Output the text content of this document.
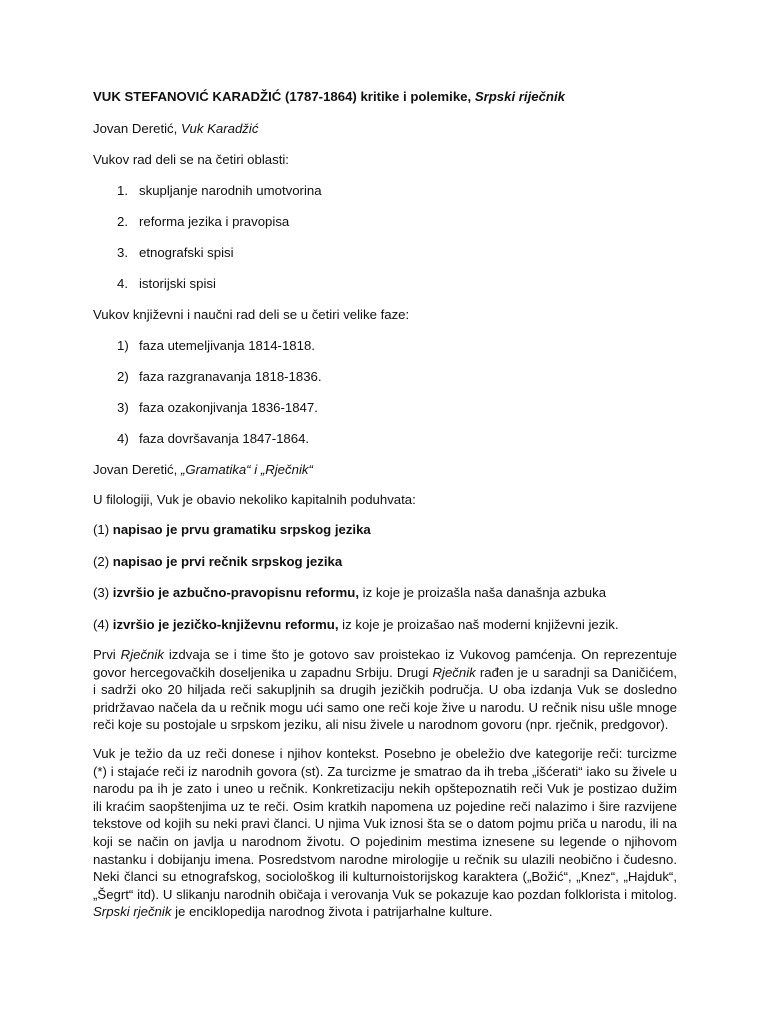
VUK STEFANOVIĆ KARADŽIĆ (1787-1864) kritike i polemike, Srpski riječnik
Jovan Deretić, Vuk Karadžić
Vukov rad deli se na četiri oblasti:
1. skupljanje narodnih umotvorina
2. reforma jezika i pravopisa
3. etnografski spisi
4. istorijski spisi
Vukov književni i naučni rad deli se u četiri velike faze:
1) faza utemeljivanja 1814-1818.
2) faza razgranavanja 1818-1836.
3) faza ozakonjivanja 1836-1847.
4) faza dovršavanja 1847-1864.
Jovan Deretić, „Gramatika“ i „Rječnik“
U filologiji, Vuk je obavio nekoliko kapitalnih poduhvata:
(1) napisao je prvu gramatiku srpskog jezika
(2) napisao je prvi rečnik srpskog jezika
(3) izvršio je azbučno-pravopisnu reformu, iz koje je proizašla naša današnja azbuka
(4) izvršio je jezičko-književnu reformu, iz koje je proizašao naš moderni književni jezik.
Prvi Rječnik izdvaja se i time što je gotovo sav proistekao iz Vukovog pamćenja. On reprezentuje govor hercegovačkih doseljenika u zapadnu Srbiju. Drugi Rječnik rađen je u saradnji sa Daničićem, i sadrži oko 20 hiljada reči sakupljnih sa drugih jezičkih područja. U oba izdanja Vuk se dosledno pridržavao načela da u rečnik mogu ući samo one reči koje žive u narodu. U rečnik nisu ušle mnoge reči koje su postojale u srpskom jeziku, ali nisu živele u narodnom govoru (npr. rječnik, predgovor).
Vuk je težio da uz reči donese i njihov kontekst. Posebno je obeležio dve kategorije reči: turcizme (*) i stajaće reči iz narodnih govora (st). Za turcizme je smatrao da ih treba „išćerati“ iako su živele u narodu pa ih je zato i uneo u rečnik. Konkretizaciju nekih opštepoznatih reči Vuk je postizao dužim ili kraćim saopštenjima uz te reči. Osim kratkih napomena uz pojedine reči nalazimo i šire razvijene tekstove od kojih su neki pravi članci. U njima Vuk iznosi šta se o datom pojmu priča u narodu, ili na koji se način on javlja u narodnom životu. O pojedinim mestima iznesene su legende o njihovom nastanku i dobijanju imena. Posredstvom narodne mirologije u rečnik su ulazili neobično i čudesno. Neki članci su etnografskog, sociološkog ili kulturnoistorijskog karaktera („Božić“, „Knez“, „Hajduk“, „Šegrt“ itd). U slikanju narodnih običaja i verovanja Vuk se pokazuje kao pozdan folklorista i mitolog. Srpski rječnik je enciklopedija narodnog života i patrijarhalne kulture.
